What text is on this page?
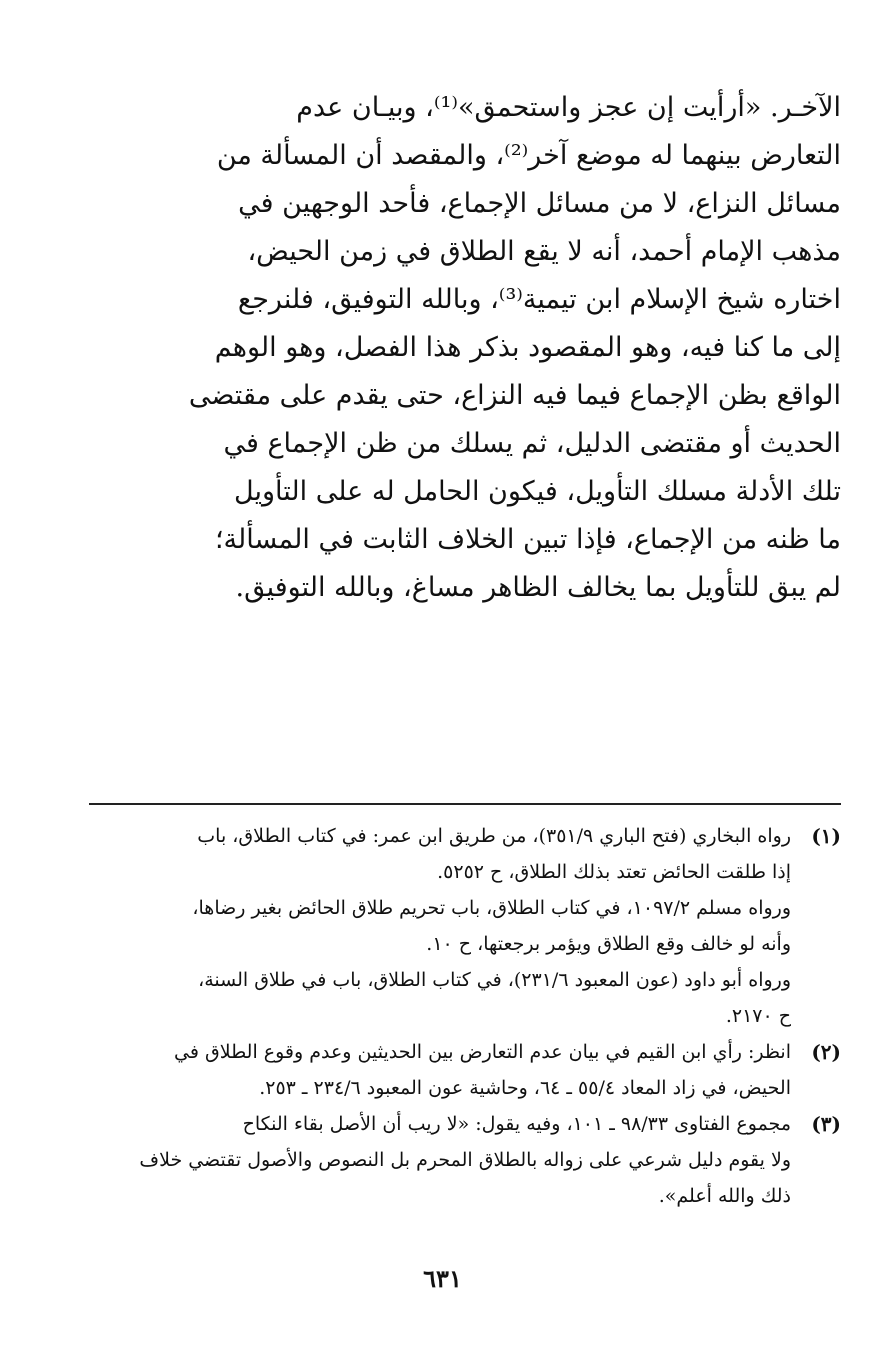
الآخـر. «أرأيت إن عجز واستحمق»⁽¹⁾، وبيـان عدم
التعارض بينهما له موضع آخر⁽²⁾، والمقصد أن المسألة من
مسائل النزاع، لا من مسائل الإجماع، فأحد الوجهين في
مذهب الإمام أحمد، أنه لا يقع الطلاق في زمن الحيض،
اختاره شيخ الإسلام ابن تيمية⁽³⁾، وبالله التوفيق، فلنرجع
إلى ما كنا فيه، وهو المقصود بذكر هذا الفصل، وهو الوهم
الواقع بظن الإجماع فيما فيه النزاع، حتى يقدم على مقتضى
الحديث أو مقتضى الدليل، ثم يسلك من ظن الإجماع في
تلك الأدلة مسلك التأويل، فيكون الحامل له على التأويل
ما ظنه من الإجماع، فإذا تبين الخلاف الثابت في المسألة؛
لم يبق للتأويل بما يخالف الظاهر مساغ، وبالله التوفيق.
(١)
رواه البخاري (فتح الباري ٣٥١/٩)، من طريق ابن عمر: في كتاب الطلاق، باب
إذا طلقت الحائض تعتد بذلك الطلاق، ح ٥٢٥٢.
ورواه مسلم ١٠٩٧/٢، في كتاب الطلاق، باب تحريم طلاق الحائض بغير رضاها،
وأنه لو خالف وقع الطلاق ويؤمر برجعتها، ح ١٠.
ورواه أبو داود (عون المعبود ٢٣١/٦)، في كتاب الطلاق، باب في طلاق السنة،
ح ٢١٧٠.
(٢)
انظر: رأي ابن القيم في بيان عدم التعارض بين الحديثين وعدم وقوع الطلاق في
الحيض، في زاد المعاد ٥٥/٤ ـ ٦٤، وحاشية عون المعبود ٢٣٤/٦ ـ ٢٥٣.
(٣)
مجموع الفتاوى ٩٨/٣٣ ـ ١٠١، وفيه يقول: «لا ريب أن الأصل بقاء النكاح
ولا يقوم دليل شرعي على زواله بالطلاق المحرم بل النصوص والأصول تقتضي خلاف
ذلك والله أعلم».
٦٣١
